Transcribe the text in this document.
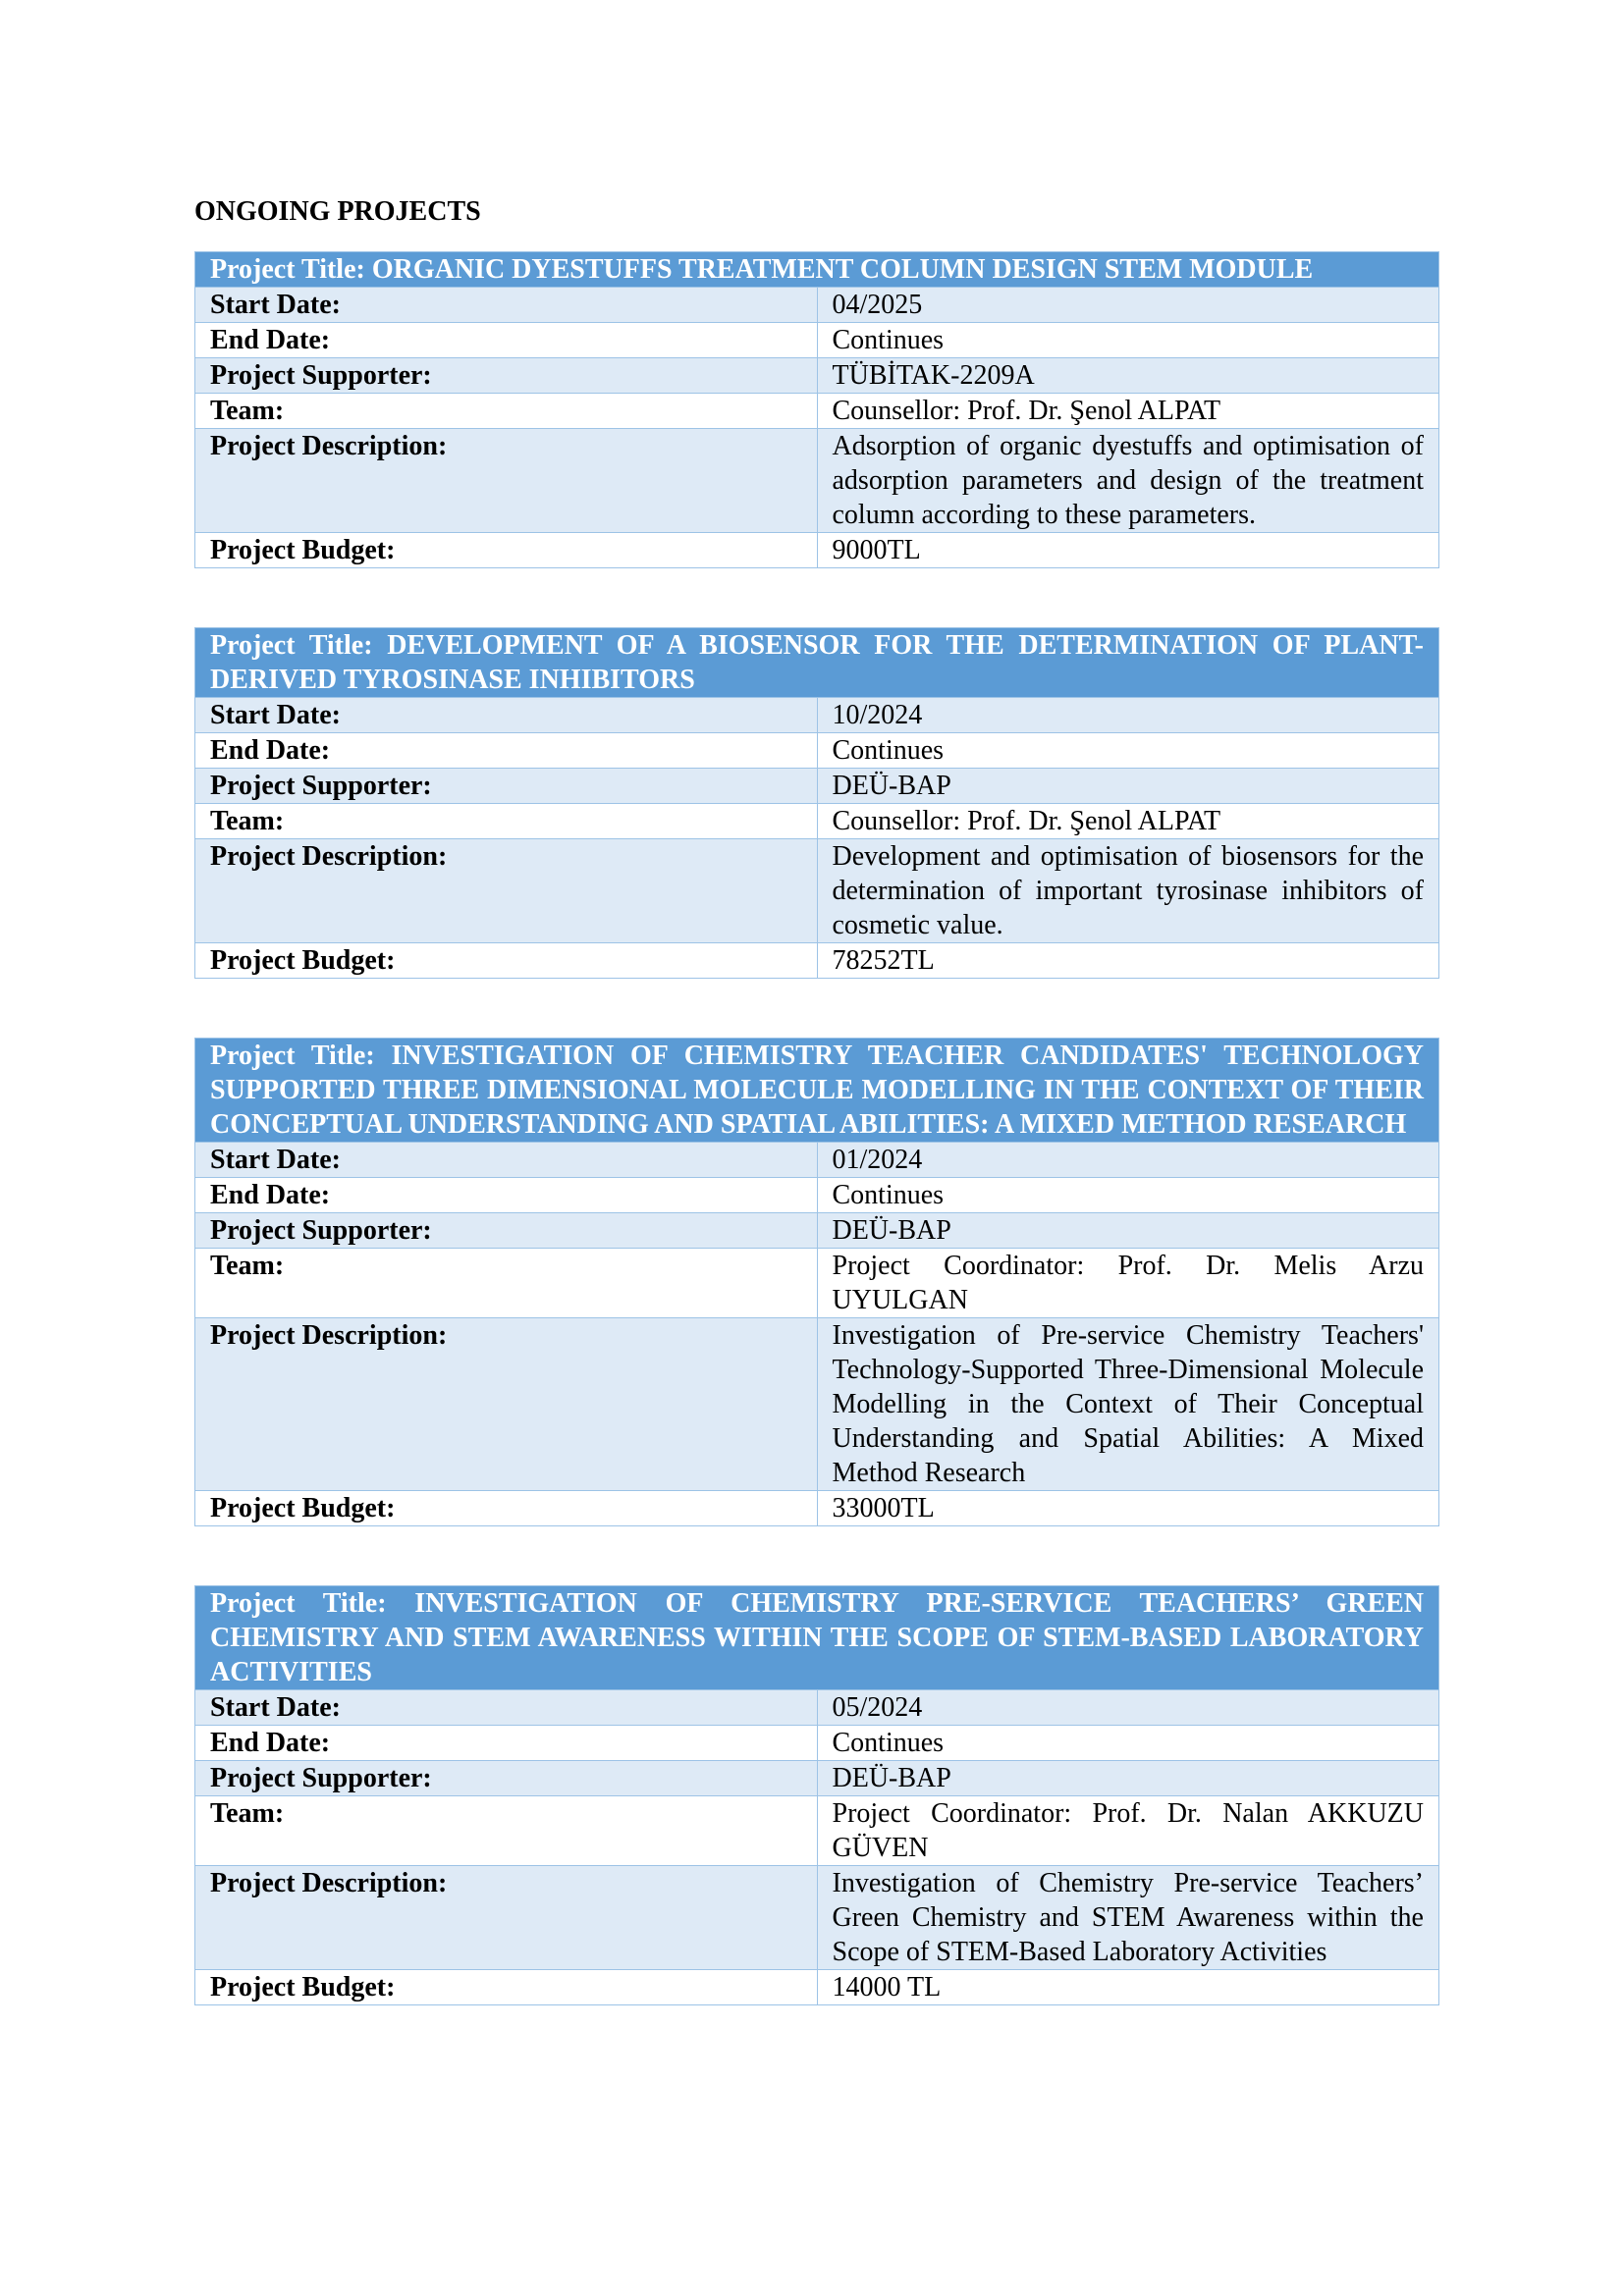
ONGOING PROJECTS
Project Title: ORGANIC DYESTUFFS TREATMENT COLUMN DESIGN STEM MODULE	
Start Date:	04/2025
End Date:	Continues
Project Supporter:	TÜBİTAK-2209A
Team:	Counsellor: Prof. Dr. Şenol ALPAT
Project Description:	Adsorption of organic dyestuffs and optimisation of adsorption parameters and design of the treatment column according to these parameters.
Project Budget:	9000TL
Project Title: DEVELOPMENT OF A BIOSENSOR FOR THE DETERMINATION OF PLANT-DERIVED TYROSINASE INHIBITORS	
Start Date:	10/2024
End Date:	Continues
Project Supporter:	DEÜ-BAP
Team:	Counsellor: Prof. Dr. Şenol ALPAT
Project Description:	Development and optimisation of biosensors for the determination of important tyrosinase inhibitors of cosmetic value.
Project Budget:	78252TL
Project Title: INVESTIGATION OF CHEMISTRY TEACHER CANDIDATES' TECHNOLOGY SUPPORTED THREE DIMENSIONAL MOLECULE MODELLING IN THE CONTEXT OF THEIR CONCEPTUAL UNDERSTANDING AND SPATIAL ABILITIES: A MIXED METHOD RESEARCH	
Start Date:	01/2024
End Date:	Continues
Project Supporter:	DEÜ-BAP
Team:	Project Coordinator: Prof. Dr. Melis Arzu UYULGAN
Project Description:	Investigation of Pre-service Chemistry Teachers' Technology-Supported Three-Dimensional Molecule Modelling in the Context of Their Conceptual Understanding and Spatial Abilities: A Mixed Method Research
Project Budget:	33000TL
Project Title: INVESTIGATION OF CHEMISTRY PRE-SERVICE TEACHERS’ GREEN CHEMISTRY AND STEM AWARENESS WITHIN THE SCOPE OF STEM-BASED LABORATORY ACTIVITIES	
Start Date:	05/2024
End Date:	Continues
Project Supporter:	DEÜ-BAP
Team:	Project Coordinator: Prof. Dr. Nalan AKKUZU GÜVEN
Project Description:	Investigation of Chemistry Pre-service Teachers’ Green Chemistry and STEM Awareness within the Scope of STEM-Based Laboratory Activities
Project Budget:	14000 TL
